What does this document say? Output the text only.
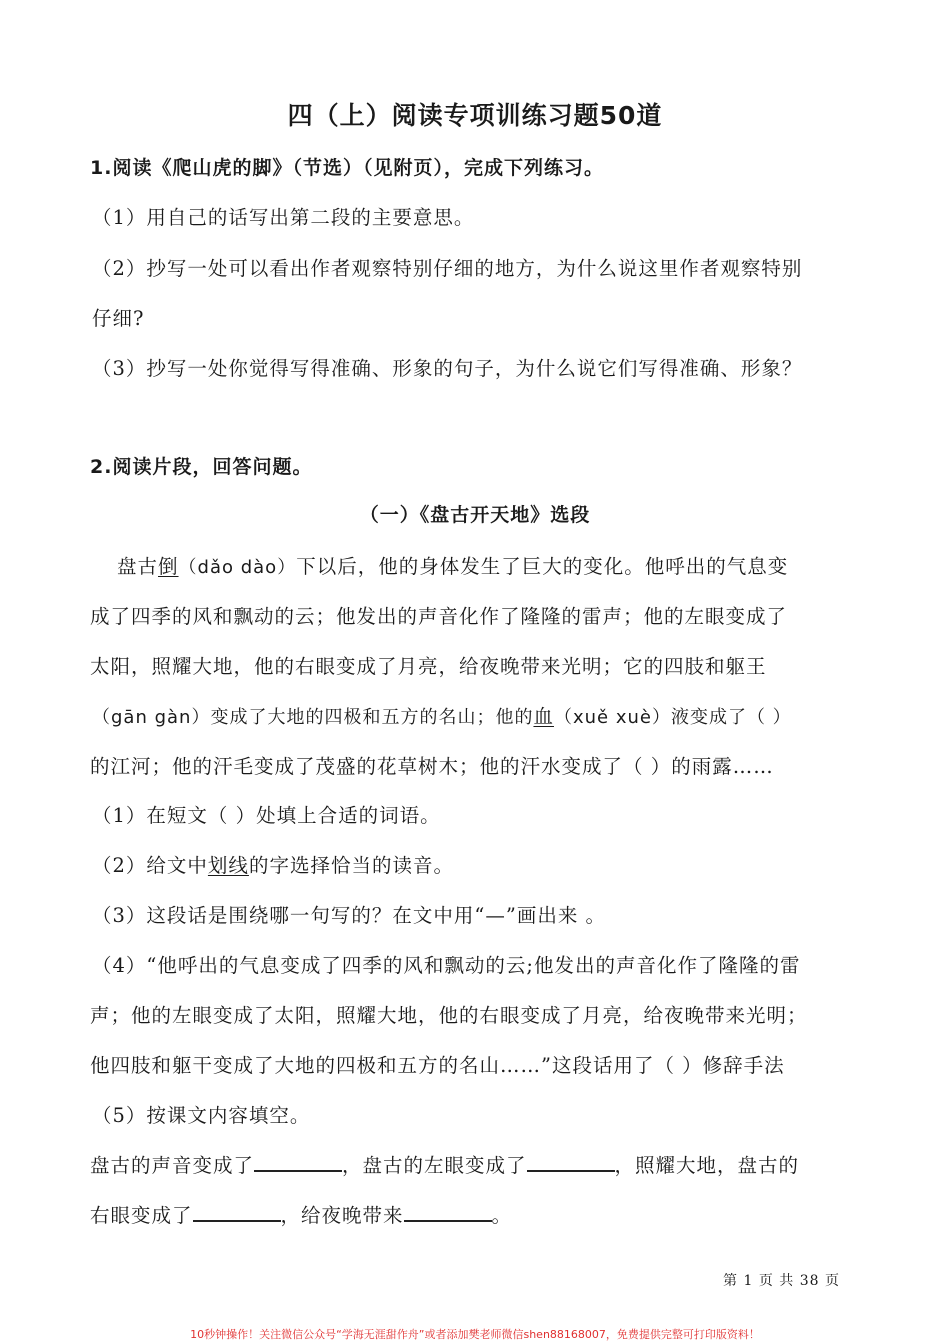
四（上）阅读专项训练习题50道
1.阅读《爬山虎的脚》（节选）（见附页），完成下列练习。
（1）用自己的话写出第二段的主要意思。
（2）抄写一处可以看出作者观察特别仔细的地方，为什么说这里作者观察特别
仔细?
（3）抄写一处你觉得写得准确、形象的句子，为什么说它们写得准确、形象？
2.阅读片段，回答问题。
（一）《盘古开天地》选段
盘古倒（dǎo dào）下以后，他的身体发生了巨大的变化。他呼出的气息变
成了四季的风和飘动的云；他发出的声音化作了隆隆的雷声；他的左眼变成了
太阳，照耀大地，他的右眼变成了月亮，给夜晚带来光明；它的四肢和躯王
（gān gàn）变成了大地的四极和五方的名山；他的血（xuě xuè）液变成了（ ）
的江河；他的汗毛变成了茂盛的花草树木；他的汗水变成了（ ）的雨露……
（1）在短文（ ）处填上合适的词语。
（2）给文中划线的字选择恰当的读音。
（3）这段话是围绕哪一句写的？在文中用“—”画出来 。
（4）“他呼出的气息变成了四季的风和飘动的云;他发出的声音化作了隆隆的雷
声；他的左眼变成了太阳，照耀大地，他的右眼变成了月亮，给夜晚带来光明；
他四肢和躯干变成了大地的四极和五方的名山……”这段话用了（ ）修辞手法
（5）按课文内容填空。
盘古的声音变成了	，盘古的左眼变成了	，照耀大地，盘古的
右眼变成了	，给夜晚带来	。
第 1 页 共 38 页
10秒钟操作！关注微信公众号“学海无涯甜作舟”或者添加樊老师微信shen88168007，免费提供完整可打印版资料！
